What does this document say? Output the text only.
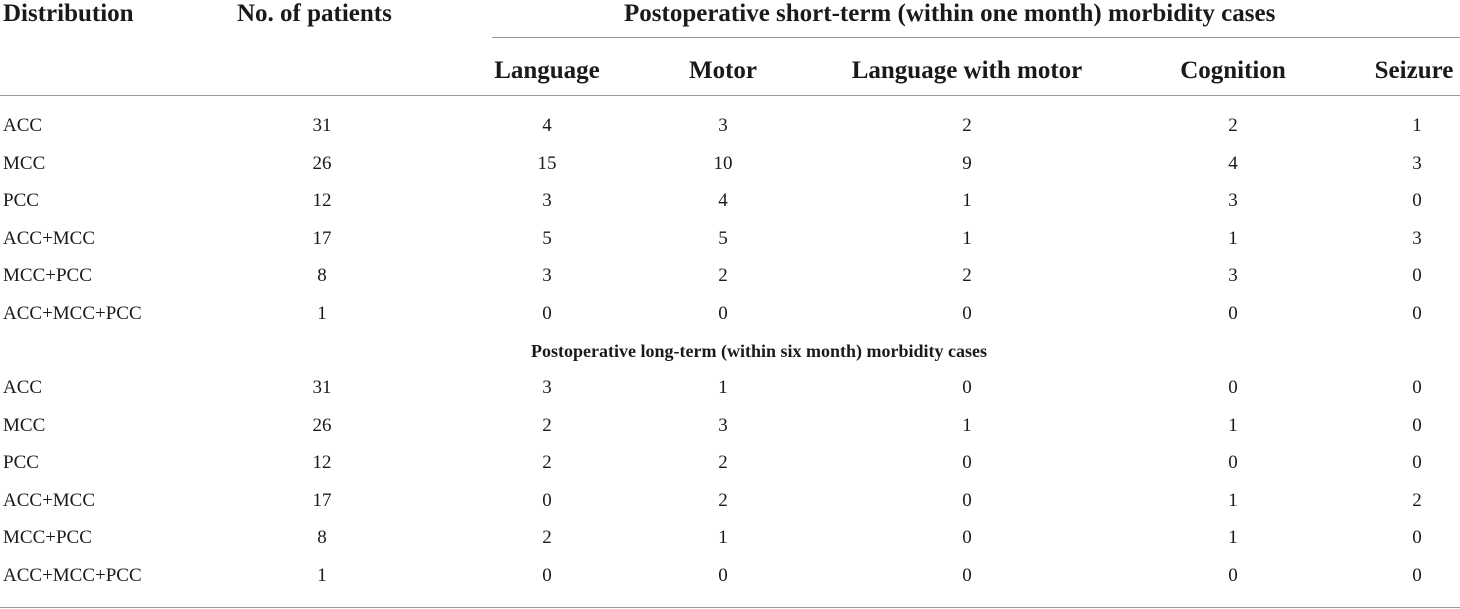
Distribution	No. of patients	Postoperative short-term (within one month) morbidity cases
Language	Motor	Language with motor	Cognition	Seizure
ACC	31	4	3	2	2	1
MCC	26	15	10	9	4	3
PCC	12	3	4	1	3	0
ACC+MCC	17	5	5	1	1	3
MCC+PCC	8	3	2	2	3	0
ACC+MCC+PCC	1	0	0	0	0	0
Postoperative long-term (within six month) morbidity cases
ACC	31	3	1	0	0	0
MCC	26	2	3	1	1	0
PCC	12	2	2	0	0	0
ACC+MCC	17	0	2	0	1	2
MCC+PCC	8	2	1	0	1	0
ACC+MCC+PCC	1	0	0	0	0	0
